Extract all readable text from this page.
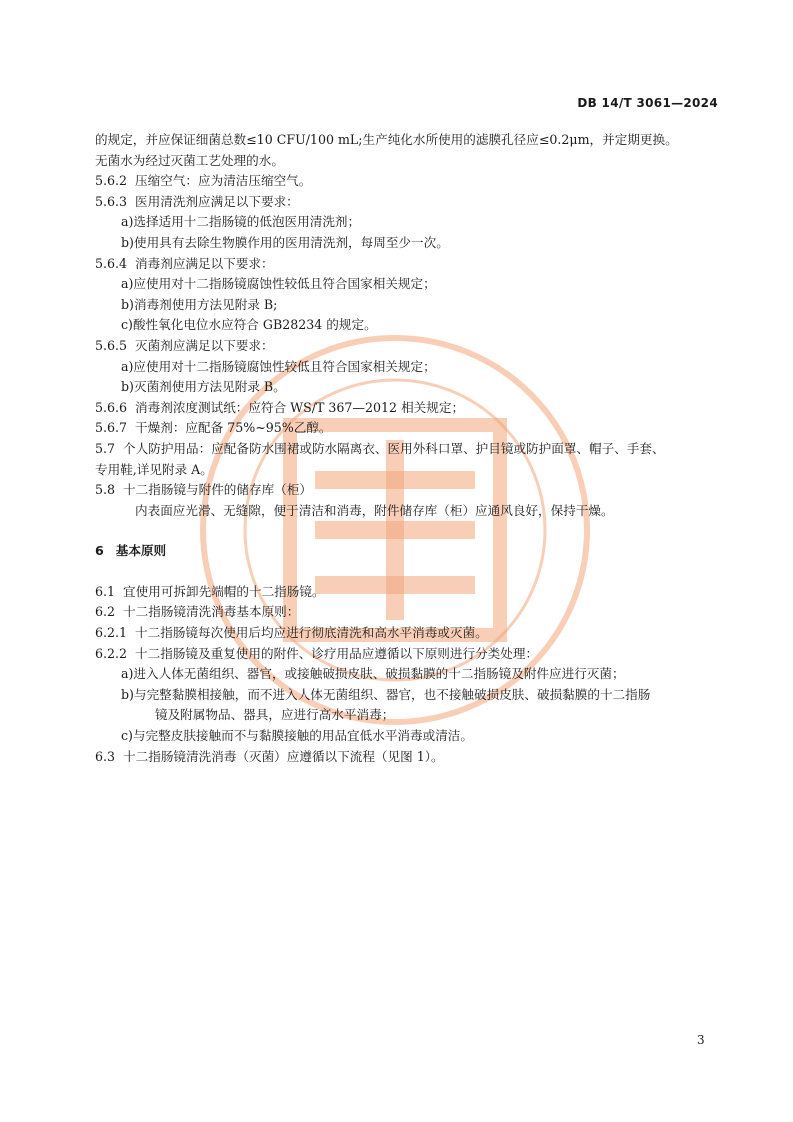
DB 14/T 3061—2024
的规定，并应保证细菌总数≤10 CFU/100 mL;生产纯化水所使用的滤膜孔径应≤0.2μm，并定期更换。
无菌水为经过灭菌工艺处理的水。
5.6.2 压缩空气：应为清洁压缩空气。
5.6.3 医用清洗剂应满足以下要求：
a)选择适用十二指肠镜的低泡医用清洗剂；
b)使用具有去除生物膜作用的医用清洗剂，每周至少一次。
5.6.4 消毒剂应满足以下要求：
a)应使用对十二指肠镜腐蚀性较低且符合国家相关规定；
b)消毒剂使用方法见附录 B;
c)酸性氧化电位水应符合 GB28234 的规定。
5.6.5 灭菌剂应满足以下要求：
a)应使用对十二指肠镜腐蚀性较低且符合国家相关规定；
b)灭菌剂使用方法见附录 B。
5.6.6 消毒剂浓度测试纸：应符合 WS/T 367—2012 相关规定；
5.6.7 干燥剂：应配备 75%~95%乙醇。
5.7 个人防护用品：应配备防水围裙或防水隔离衣、医用外科口罩、护目镜或防护面罩、帽子、手套、
专用鞋,详见附录 A。
5.8 十二指肠镜与附件的储存库（柜）
内表面应光滑、无缝隙，便于清洁和消毒，附件储存库（柜）应通风良好，保持干燥。
6 基本原则
6.1 宜使用可拆卸先端帽的十二指肠镜。
6.2 十二指肠镜清洗消毒基本原则：
6.2.1 十二指肠镜每次使用后均应进行彻底清洗和高水平消毒或灭菌。
6.2.2 十二指肠镜及重复使用的附件、诊疗用品应遵循以下原则进行分类处理：
a)进入人体无菌组织、器官，或接触破损皮肤、破损黏膜的十二指肠镜及附件应进行灭菌；
b)与完整黏膜相接触，而不进入人体无菌组织、器官，也不接触破损皮肤、破损黏膜的十二指肠
镜及附属物品、器具，应进行高水平消毒；
c)与完整皮肤接触而不与黏膜接触的用品宜低水平消毒或清洁。
6.3 十二指肠镜清洗消毒（灭菌）应遵循以下流程（见图 1）。
3
